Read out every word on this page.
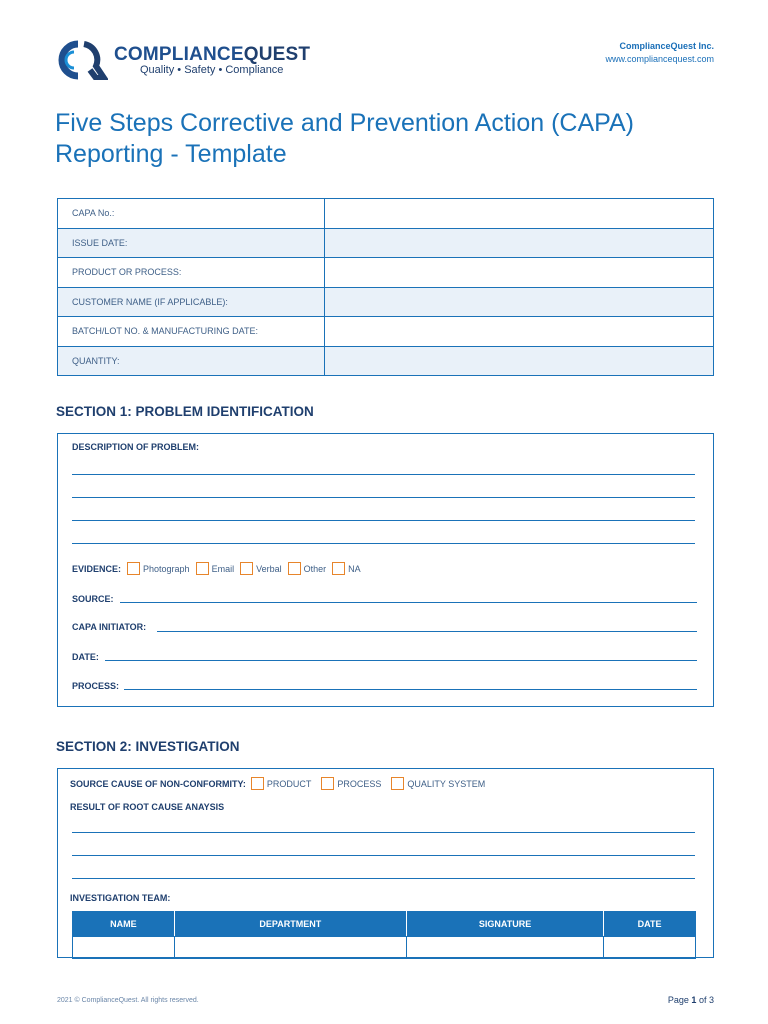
COMPLIANCEQUEST
Quality • Safety • Compliance
ComplianceQuest Inc.
www.compliancequest.com
Five Steps Corrective and Prevention Action (CAPA)
Reporting - Template
CAPA No.:	
ISSUE DATE:	
PRODUCT OR PROCESS:	
CUSTOMER NAME (IF APPLICABLE):	
BATCH/LOT NO. & MANUFACTURING DATE:	
QUANTITY:	
SECTION 1: PROBLEM IDENTIFICATION
DESCRIPTION OF PROBLEM:
EVIDENCE: Photograph Email Verbal Other NA
SOURCE:
CAPA INITIATOR:
DATE:
PROCESS:
SECTION 2: INVESTIGATION
SOURCE CAUSE OF NON-CONFORMITY: PRODUCT	PROCESS	QUALITY SYSTEM
RESULT OF ROOT CAUSE ANAYSIS
INVESTIGATION TEAM:
NAME	DEPARTMENT	SIGNATURE	DATE

2021 © ComplianceQuest. All rights reserved.	Page 1 of 3
